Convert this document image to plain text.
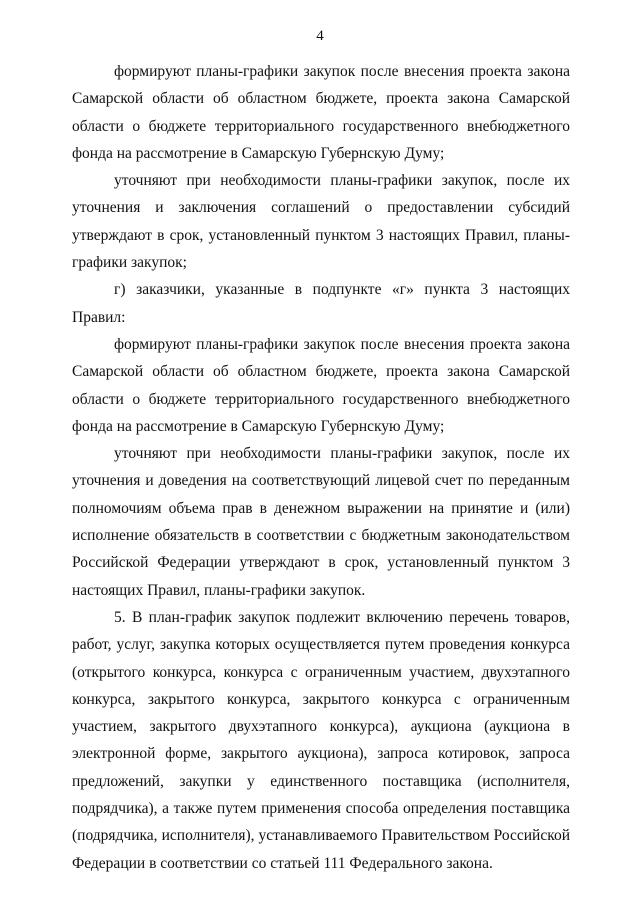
4

формируют планы-графики закупок после внесения проекта закона Самарской области об областном бюджете, проекта закона Самарской области о бюджете территориального государственного внебюджетного фонда на рассмотрение в Самарскую Губернскую Думу;

уточняют при необходимости планы-графики закупок, после их уточнения и заключения соглашений о предоставлении субсидий утверждают в срок, установленный пунктом 3 настоящих Правил, планы-графики закупок;

г) заказчики, указанные в подпункте «г» пункта 3 настоящих Правил:

формируют планы-графики закупок после внесения проекта закона Самарской области об областном бюджете, проекта закона Самарской области о бюджете территориального государственного внебюджетного фонда на рассмотрение в Самарскую Губернскую Думу;

уточняют при необходимости планы-графики закупок, после их уточнения и доведения на соответствующий лицевой счет по переданным полномочиям объема прав в денежном выражении на принятие и (или) исполнение обязательств в соответствии с бюджетным законодательством Российской Федерации утверждают в срок, установленный пунктом 3 настоящих Правил, планы-графики закупок.

5. В план-график закупок подлежит включению перечень товаров, работ, услуг, закупка которых осуществляется путем проведения конкурса (открытого конкурса, конкурса с ограниченным участием, двухэтапного конкурса, закрытого конкурса, закрытого конкурса с ограниченным участием, закрытого двухэтапного конкурса), аукциона (аукциона в электронной форме, закрытого аукциона), запроса котировок, запроса предложений, закупки у единственного поставщика (исполнителя, подрядчика), а также путем применения способа определения поставщика (подрядчика, исполнителя), устанавливаемого Правительством Российской Федерации в соответствии со статьей 111 Федерального закона.
